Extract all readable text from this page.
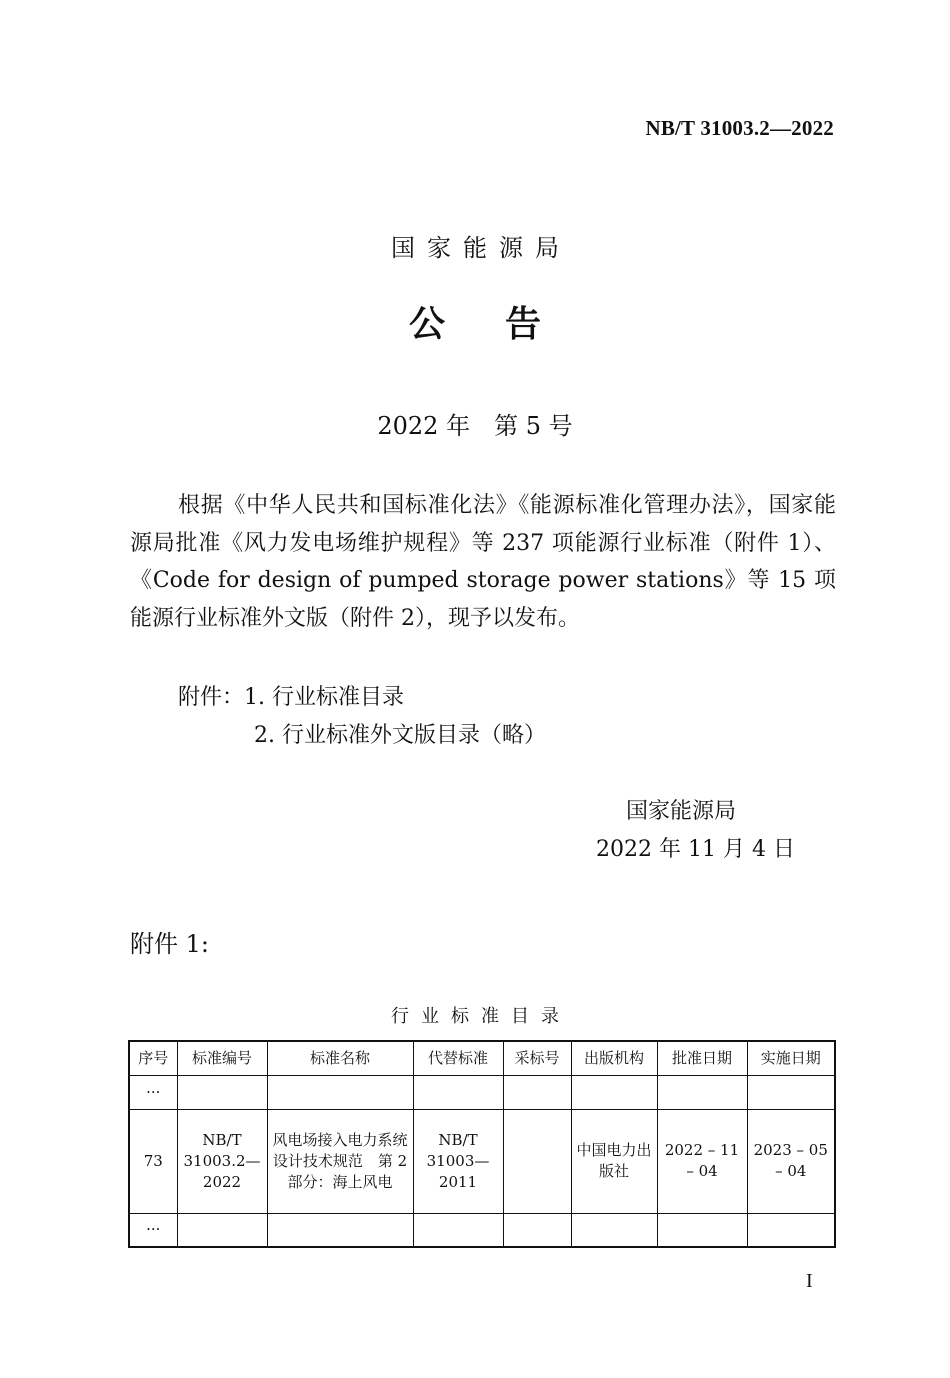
NB/T 31003.2—2022
国家能源局
公告
2022 年　第 5 号

根据《中华人民共和国标准化法》《能源标准化管理办法》，国家能源局批准《风力发电场维护规程》等 237 项能源行业标准（附件 1）、《Code for design of pumped storage power stations》等 15 项能源行业标准外文版（附件 2），现予以发布。

附件：1. 行业标准目录
2. 行业标准外文版目录（略）
国家能源局
2022 年 11 月 4 日
附件 1:
行业标准目录
序号	标准编号	标准名称	代替标准	采标号	出版机构	批准日期	实施日期
···							
73	NB/T 31003.2—2022	风电场接入电力系统设计技术规范　第 2 部分：海上风电	NB/T 31003—2011		中国电力出版社	2022 – 11 – 04	2023 – 05 – 04
···							
I
